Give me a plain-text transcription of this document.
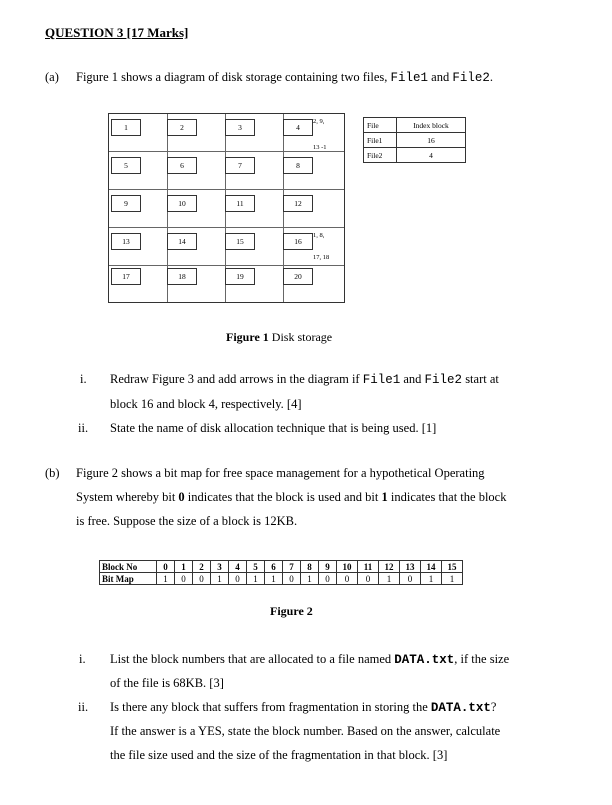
QUESTION 3 [17 Marks]
(a) Figure 1 shows a diagram of disk storage containing two files, File1 and File2.
1	2	3	4
2, 9,
13 -1
5	6	7	8
9	10	11	12
13	14	15	16
1, 8,
17, 18
17	18	19	20
File	Index block
File1	16
File2	4
Figure 1 Disk storage
i. Redraw Figure 3 and add arrows in the diagram if File1 and File2 start at
block 16 and block 4, respectively. [4]
ii. State the name of disk allocation technique that is being used. [1]
(b) Figure 2 shows a bit map for free space management for a hypothetical Operating
System whereby bit 0 indicates that the block is used and bit 1 indicates that the block
is free. Suppose the size of a block is 12KB.
Block No	0	1	2	3	4	5	6	7	8	9	10	11	12	13	14	15
Bit Map	1	0	0	1	0	1	1	0	1	0	0	0	1	0	1	1
Figure 2
i. List the block numbers that are allocated to a file named DATA.txt, if the size
of the file is 68KB. [3]
ii. Is there any block that suffers from fragmentation in storing the DATA.txt?
If the answer is a YES, state the block number. Based on the answer, calculate
the file size used and the size of the fragmentation in that block. [3]
